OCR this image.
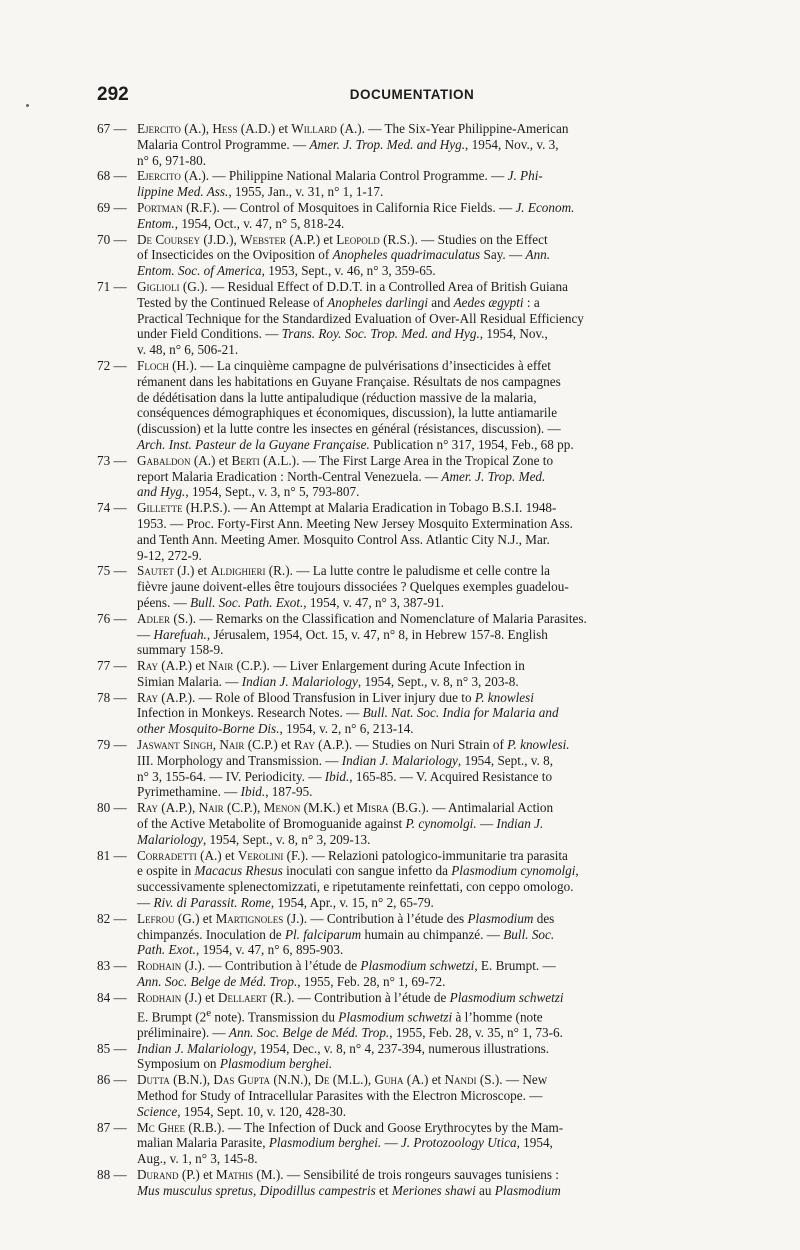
292	DOCUMENTATION
67 — Ejercito (A.), Hess (A.D.) et Willard (A.). — The Six-Year Philippine-American
Malaria Control Programme. — Amer. J. Trop. Med. and Hyg., 1954, Nov., v. 3,
n° 6, 971-80.
68 — Ejercito (A.). — Philippine National Malaria Control Programme. — J. Phi-
lippine Med. Ass., 1955, Jan., v. 31, n° 1, 1-17.
69 — Portman (R.F.). — Control of Mosquitoes in California Rice Fields. — J. Econom.
Entom., 1954, Oct., v. 47, n° 5, 818-24.
70 — De Coursey (J.D.), Webster (A.P.) et Leopold (R.S.). — Studies on the Effect
of Insecticides on the Oviposition of Anopheles quadrimaculatus Say. — Ann.
Entom. Soc. of America, 1953, Sept., v. 46, n° 3, 359-65.
71 — Giglioli (G.). — Residual Effect of D.D.T. in a Controlled Area of British Guiana
Tested by the Continued Release of Anopheles darlingi and Aedes ægypti : a
Practical Technique for the Standardized Evaluation of Over-All Residual Efficiency
under Field Conditions. — Trans. Roy. Soc. Trop. Med. and Hyg., 1954, Nov.,
v. 48, n° 6, 506-21.
72 — Floch (H.). — La cinquième campagne de pulvérisations d’insecticides à effet
rémanent dans les habitations en Guyane Française. Résultats de nos campagnes
de dédétisation dans la lutte antipaludique (réduction massive de la malaria,
conséquences démographiques et économiques, discussion), la lutte antiamarile
(discussion) et la lutte contre les insectes en général (résistances, discussion). —
Arch. Inst. Pasteur de la Guyane Française. Publication n° 317, 1954, Feb., 68 pp.
73 — Gabaldon (A.) et Berti (A.L.). — The First Large Area in the Tropical Zone to
report Malaria Eradication : North-Central Venezuela. — Amer. J. Trop. Med.
and Hyg., 1954, Sept., v. 3, n° 5, 793-807.
74 — Gillette (H.P.S.). — An Attempt at Malaria Eradication in Tobago B.S.I. 1948-
1953. — Proc. Forty-First Ann. Meeting New Jersey Mosquito Extermination Ass.
and Tenth Ann. Meeting Amer. Mosquito Control Ass. Atlantic City N.J., Mar.
9-12, 272-9.
75 — Sautet (J.) et Aldighieri (R.). — La lutte contre le paludisme et celle contre la
fièvre jaune doivent-elles être toujours dissociées ? Quelques exemples guadelou-
péens. — Bull. Soc. Path. Exot., 1954, v. 47, n° 3, 387-91.
76 — Adler (S.). — Remarks on the Classification and Nomenclature of Malaria Parasites.
— Harefuah., Jérusalem, 1954, Oct. 15, v. 47, n° 8, in Hebrew 157-8. English
summary 158-9.
77 — Ray (A.P.) et Nair (C.P.). — Liver Enlargement during Acute Infection in
Simian Malaria. — Indian J. Malariology, 1954, Sept., v. 8, n° 3, 203-8.
78 — Ray (A.P.). — Role of Blood Transfusion in Liver injury due to P. knowlesi
Infection in Monkeys. Research Notes. — Bull. Nat. Soc. India for Malaria and
other Mosquito-Borne Dis., 1954, v. 2, n° 6, 213-14.
79 — Jaswant Singh, Nair (C.P.) et Ray (A.P.). — Studies on Nuri Strain of P. knowlesi.
III. Morphology and Transmission. — Indian J. Malariology, 1954, Sept., v. 8,
n° 3, 155-64. — IV. Periodicity. — Ibid., 165-85. — V. Acquired Resistance to
Pyrimethamine. — Ibid., 187-95.
80 — Ray (A.P.), Nair (C.P.), Menon (M.K.) et Misra (B.G.). — Antimalarial Action
of the Active Metabolite of Bromoguanide against P. cynomolgi. — Indian J.
Malariology, 1954, Sept., v. 8, n° 3, 209-13.
81 — Corradetti (A.) et Verolini (F.). — Relazioni patologico-immunitarie tra parasita
e ospite in Macacus Rhesus inoculati con sangue infetto da Plasmodium cynomolgi,
successivamente splenectomizzati, e ripetutamente reinfettati, con ceppo omologo.
— Riv. di Parassit. Rome, 1954, Apr., v. 15, n° 2, 65-79.
82 — Lefrou (G.) et Martignoles (J.). — Contribution à l’étude des Plasmodium des
chimpanzés. Inoculation de Pl. falciparum humain au chimpanzé. — Bull. Soc.
Path. Exot., 1954, v. 47, n° 6, 895-903.
83 — Rodhain (J.). — Contribution à l’étude de Plasmodium schwetzi, E. Brumpt. —
Ann. Soc. Belge de Méd. Trop., 1955, Feb. 28, n° 1, 69-72.
84 — Rodhain (J.) et Dellaert (R.). — Contribution à l’étude de Plasmodium schwetzi
E. Brumpt (2e note). Transmission du Plasmodium schwetzi à l’homme (note
préliminaire). — Ann. Soc. Belge de Méd. Trop., 1955, Feb. 28, v. 35, n° 1, 73-6.
85 — Indian J. Malariology, 1954, Dec., v. 8, n° 4, 237-394, numerous illustrations.
Symposium on Plasmodium berghei.
86 — Dutta (B.N.), Das Gupta (N.N.), De (M.L.), Guha (A.) et Nandi (S.). — New
Method for Study of Intracellular Parasites with the Electron Microscope. —
Science, 1954, Sept. 10, v. 120, 428-30.
87 — Mc Ghee (R.B.). — The Infection of Duck and Goose Erythrocytes by the Mam-
malian Malaria Parasite, Plasmodium berghei. — J. Protozoology Utica, 1954,
Aug., v. 1, n° 3, 145-8.
88 — Durand (P.) et Mathis (M.). — Sensibilité de trois rongeurs sauvages tunisiens :
Mus musculus spretus, Dipodillus campestris et Meriones shawi au Plasmodium
